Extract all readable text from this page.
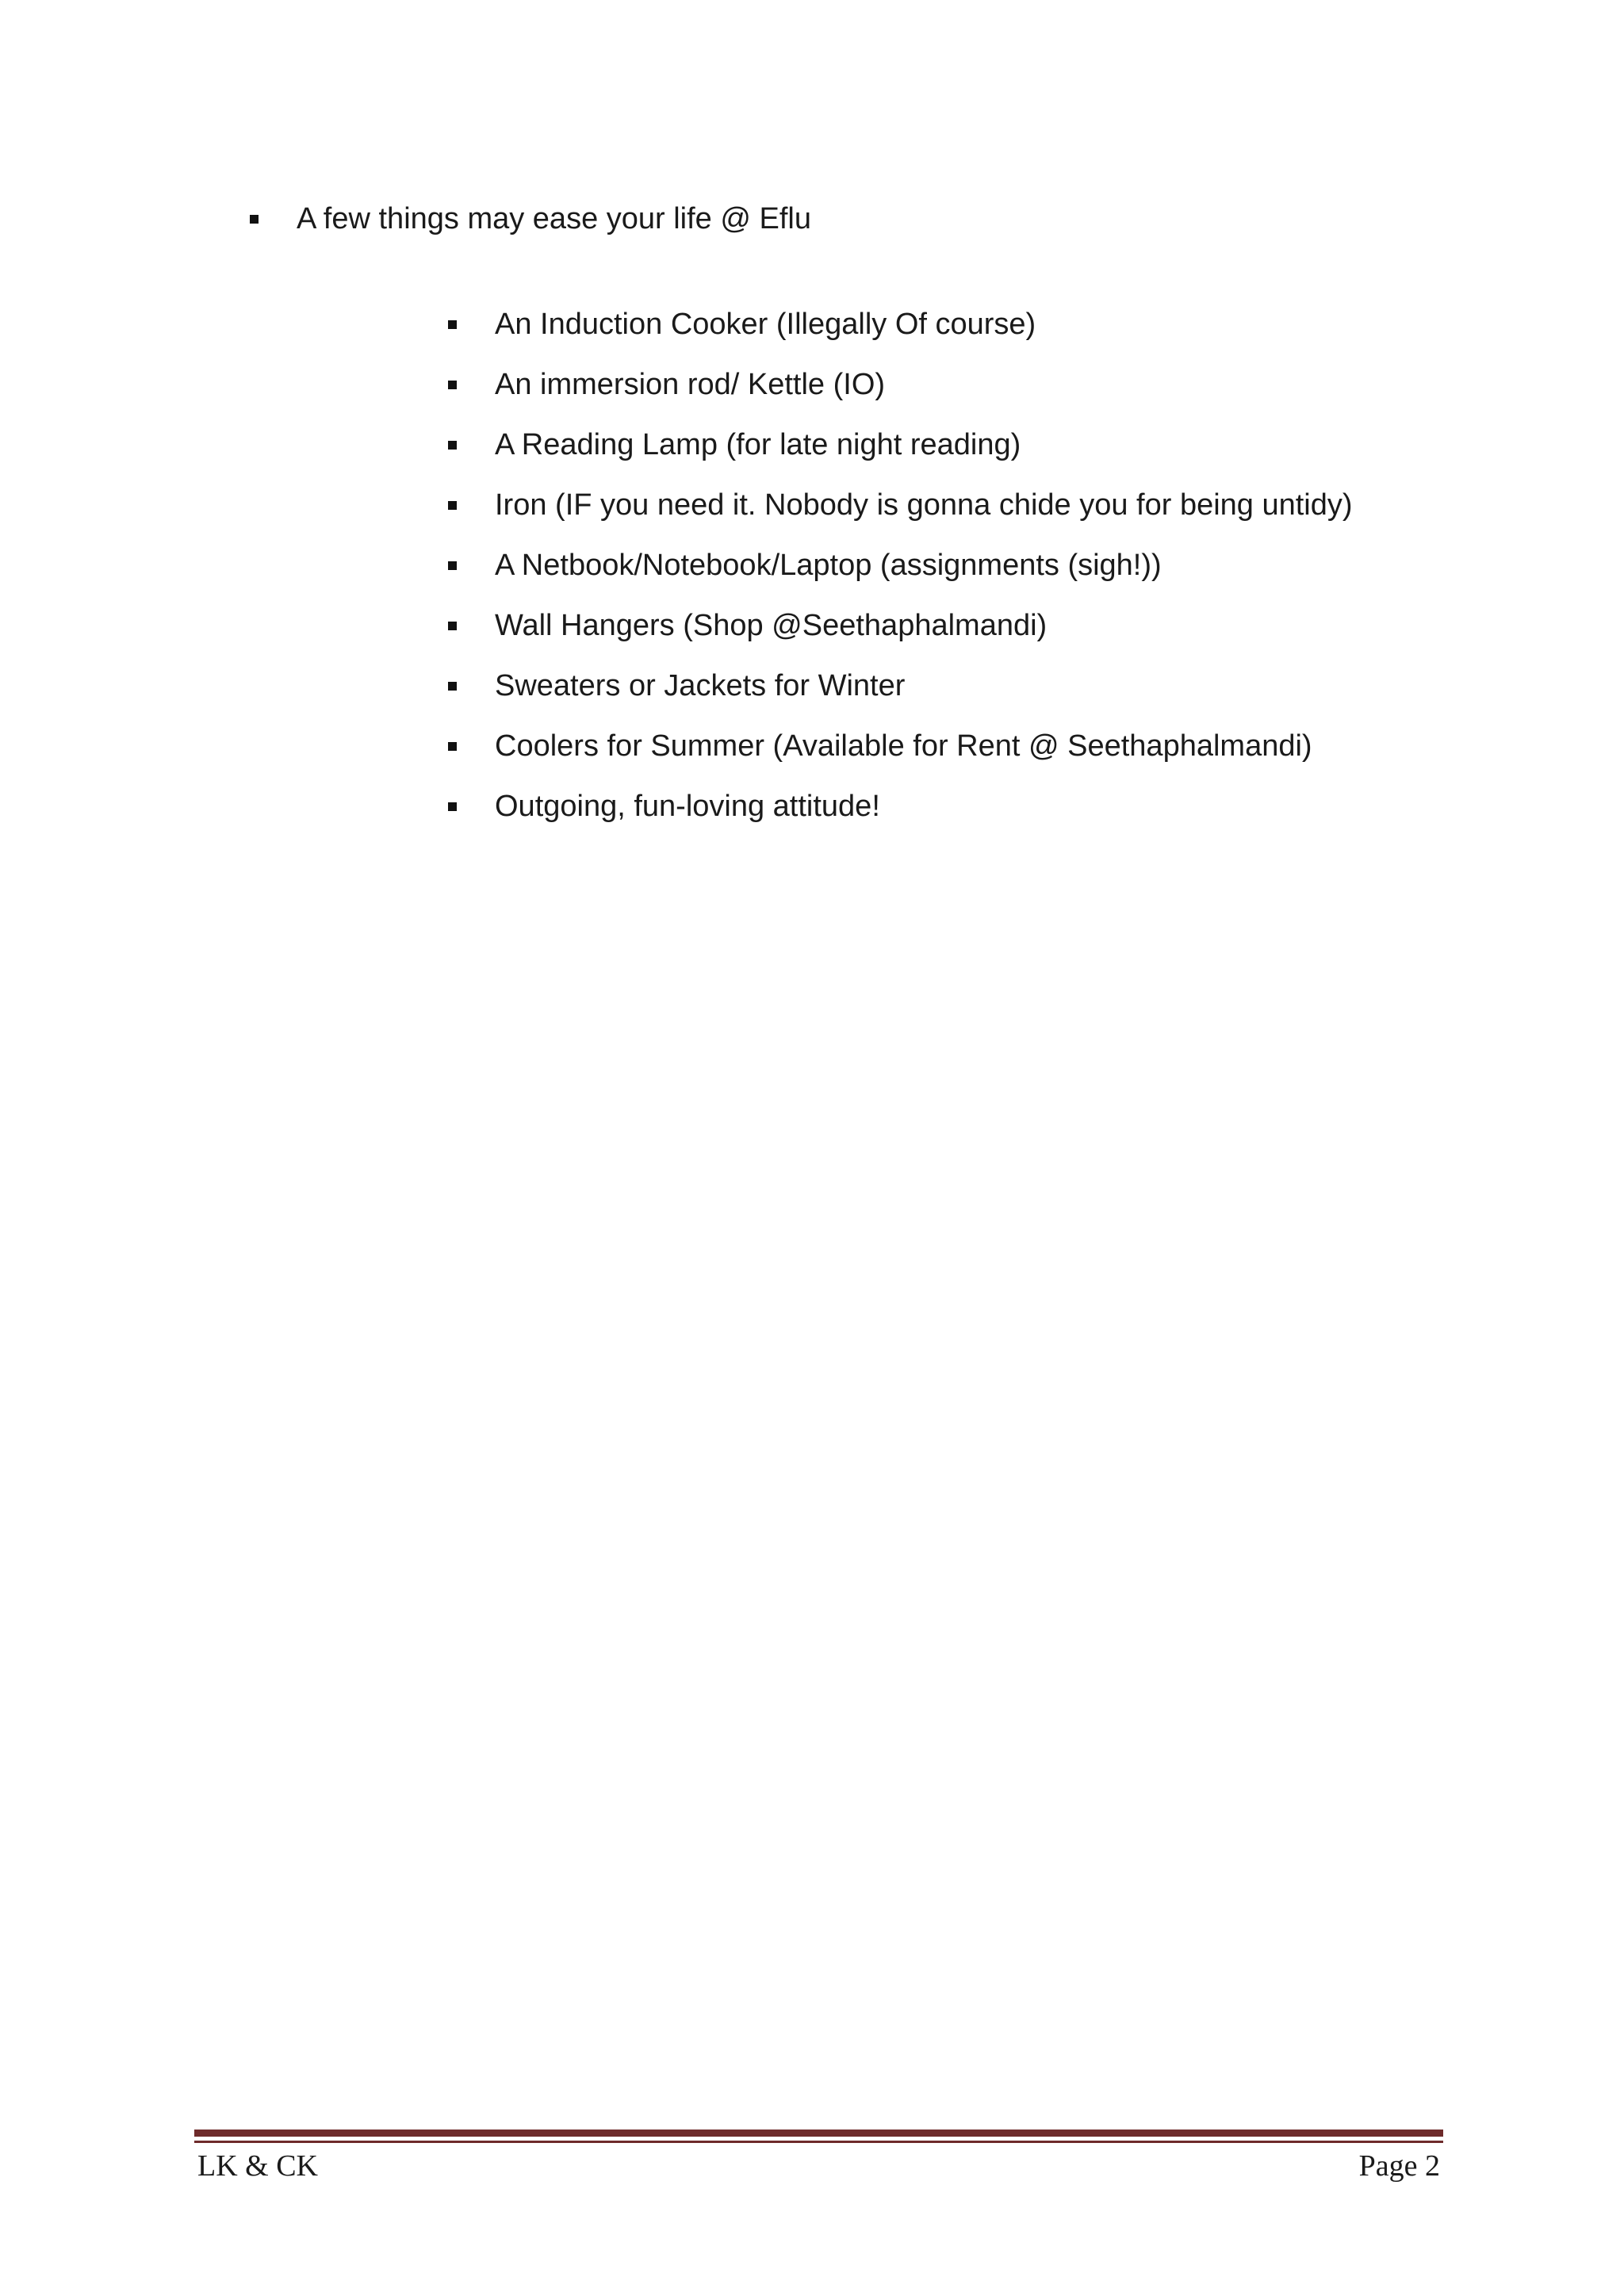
A few things may ease your life @ Eflu
An Induction Cooker (Illegally Of course)
An immersion rod/ Kettle (IO)
A Reading Lamp (for late night reading)
Iron (IF you need it. Nobody is gonna chide you for being untidy)
A Netbook/Notebook/Laptop (assignments (sigh!))
Wall Hangers (Shop @Seethaphalmandi)
Sweaters or Jackets for Winter
Coolers for Summer (Available for Rent @ Seethaphalmandi)
Outgoing, fun-loving attitude!
LK & CK	Page 2
